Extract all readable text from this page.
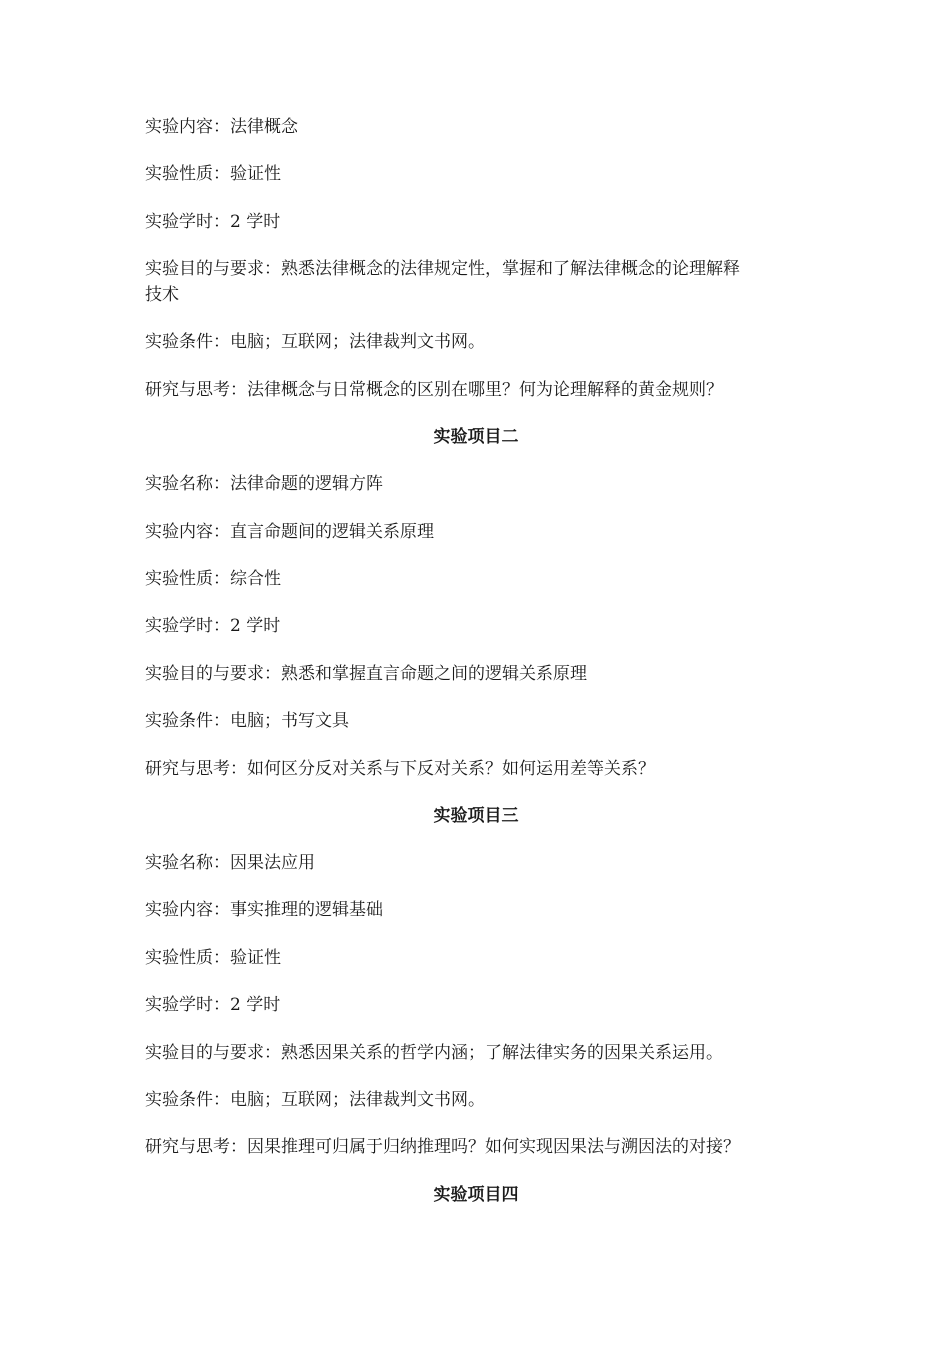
实验内容：法律概念
实验性质：验证性
实验学时：2 学时
实验目的与要求：熟悉法律概念的法律规定性，掌握和了解法律概念的论理解释
技术
实验条件：电脑；互联网；法律裁判文书网。
研究与思考：法律概念与日常概念的区别在哪里？何为论理解释的黄金规则？
实验项目二
实验名称：法律命题的逻辑方阵
实验内容：直言命题间的逻辑关系原理
实验性质：综合性
实验学时：2 学时
实验目的与要求：熟悉和掌握直言命题之间的逻辑关系原理
实验条件：电脑；书写文具
研究与思考：如何区分反对关系与下反对关系？如何运用差等关系？
实验项目三
实验名称：因果法应用
实验内容：事实推理的逻辑基础
实验性质：验证性
实验学时：2 学时
实验目的与要求：熟悉因果关系的哲学内涵；了解法律实务的因果关系运用。
实验条件：电脑；互联网；法律裁判文书网。
研究与思考：因果推理可归属于归纳推理吗？如何实现因果法与溯因法的对接？
实验项目四
